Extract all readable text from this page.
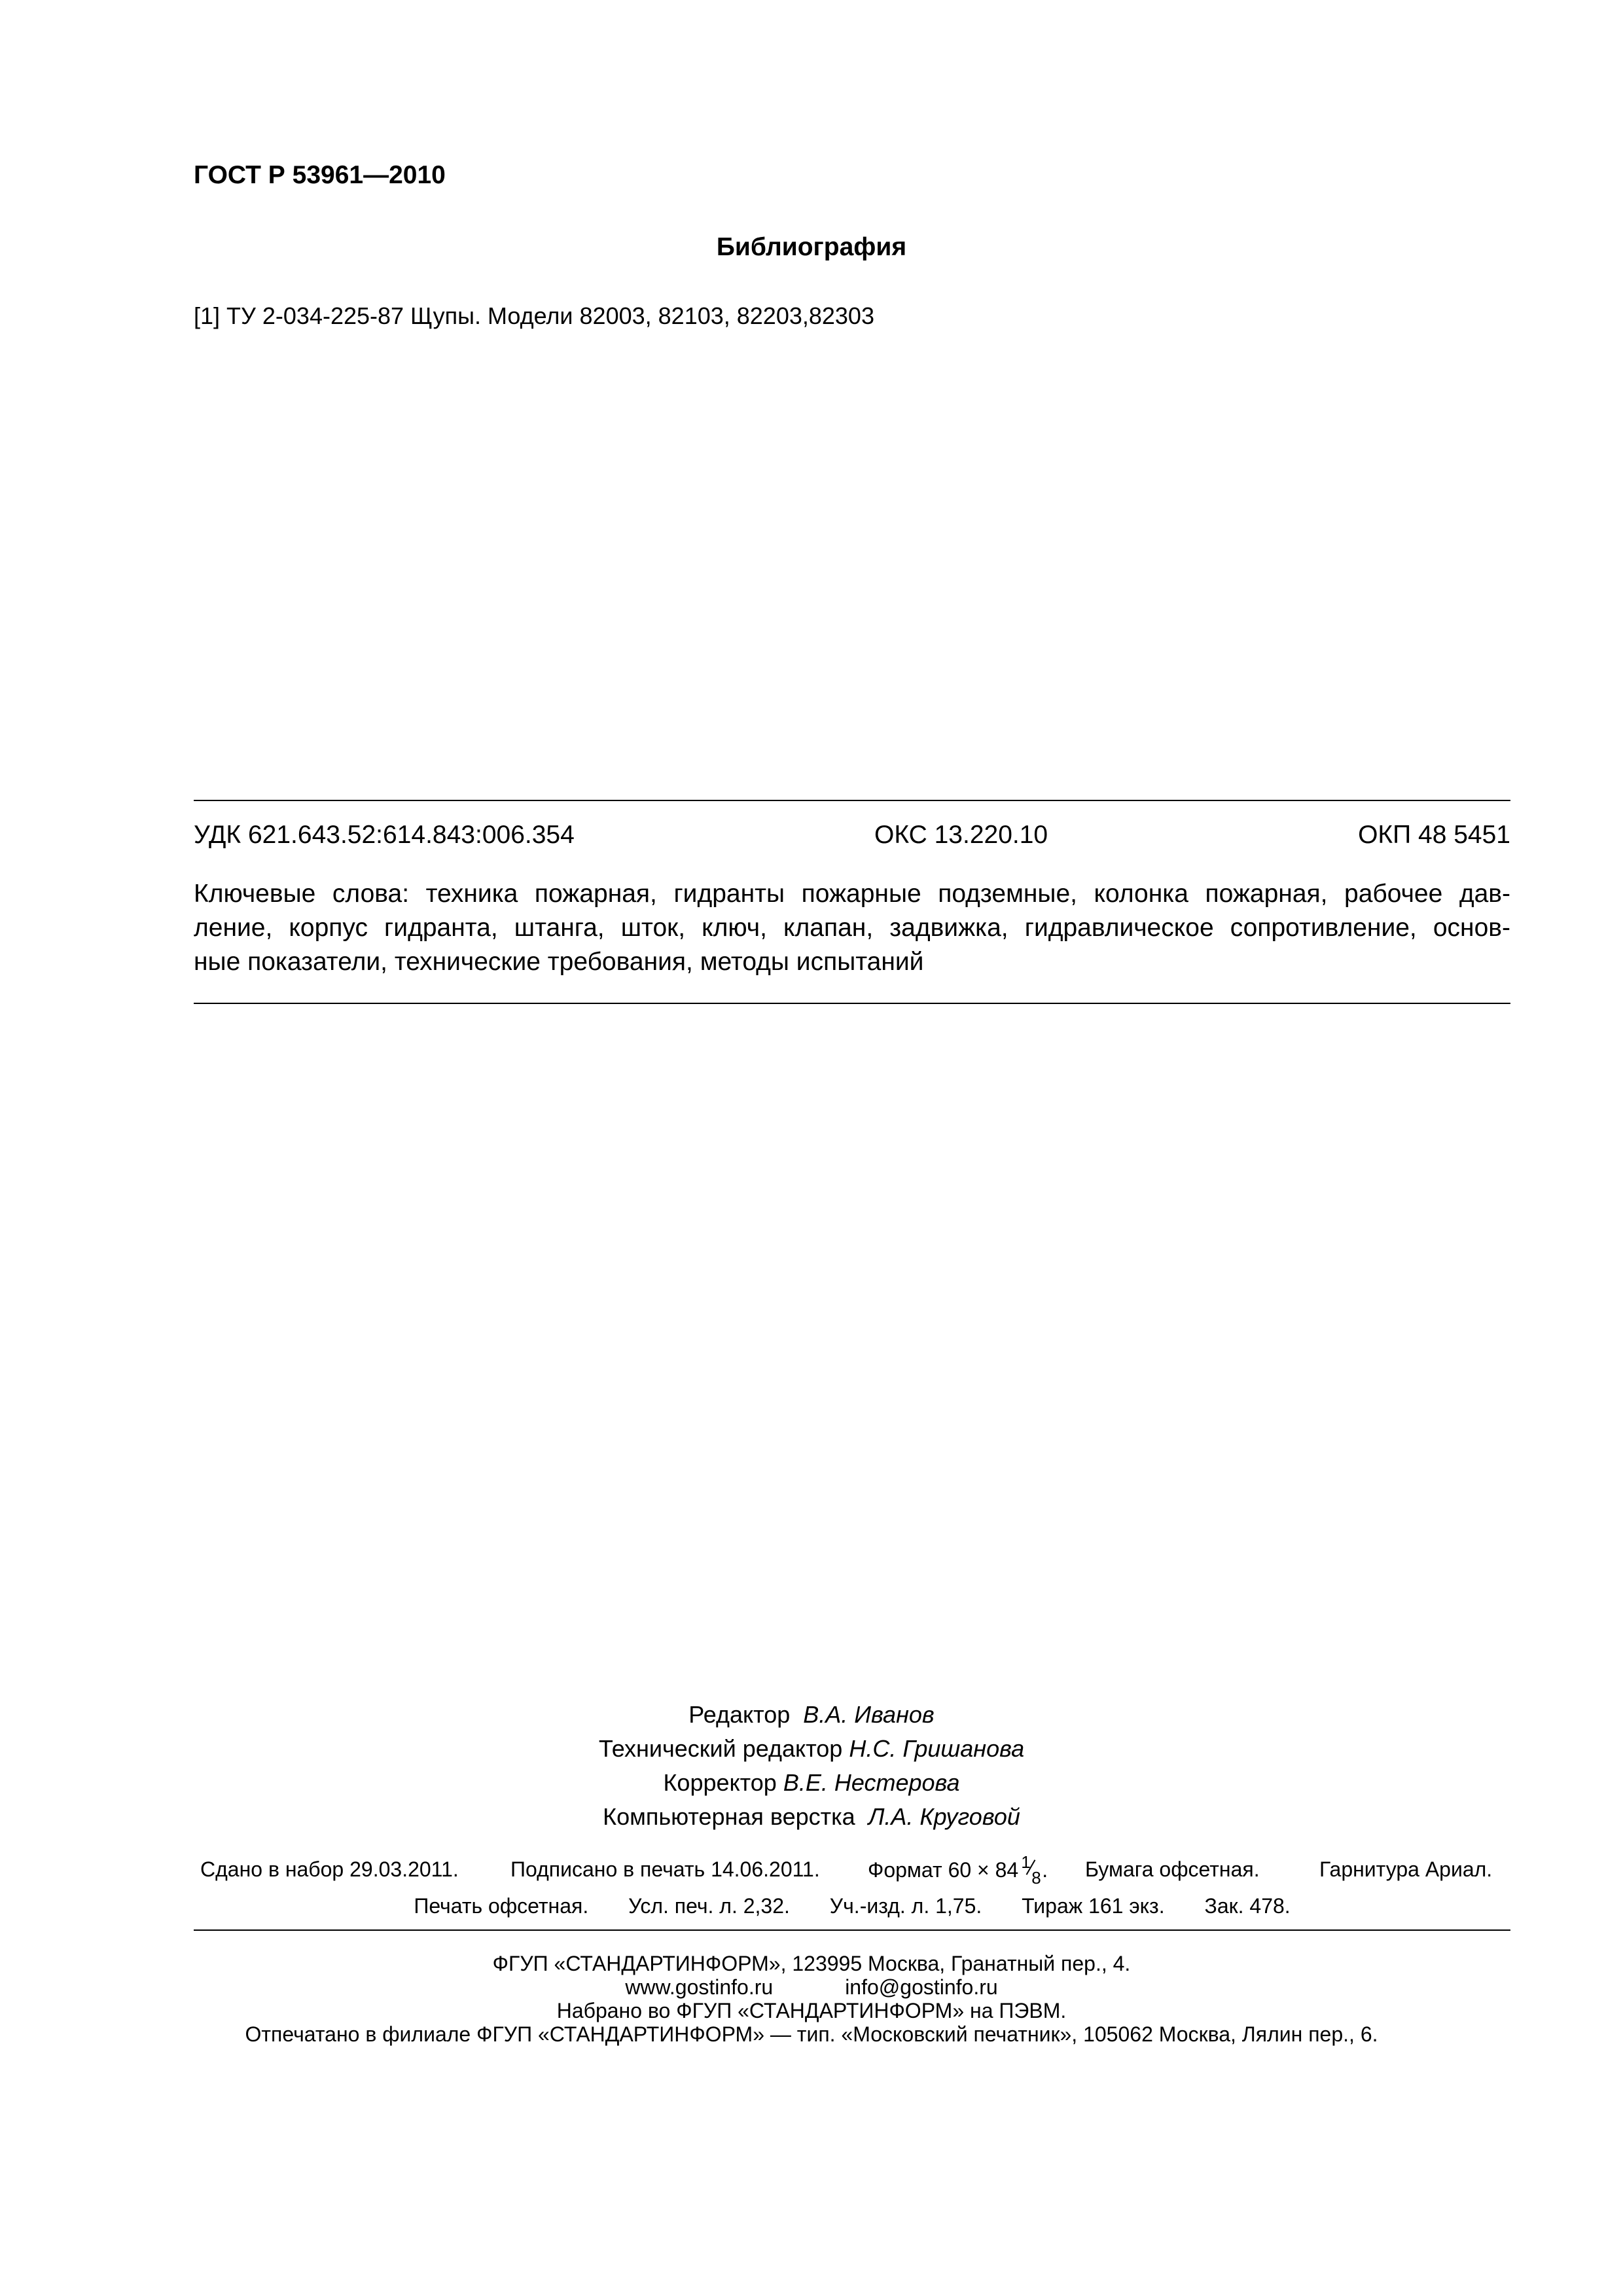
ГОСТ Р 53961—2010
Библиография
[1] ТУ 2-034-225-87 Щупы. Модели 82003, 82103, 82203,82303
УДК 621.643.52:614.843:006.354	ОКС 13.220.10	ОКП 48 5451
Ключевые слова: техника пожарная, гидранты пожарные подземные, колонка пожарная, рабочее дав-
ление, корпус гидранта, штанга, шток, ключ, клапан, задвижка, гидравлическое сопротивление, основ-
ные показатели, технические требования, методы испытаний
Редактор В.А. Иванов
Технический редактор Н.С. Гришанова
Корректор В.Е. Нестерова
Компьютерная верстка Л.А. Круговой
Сдано в набор 29.03.2011. Подписано в печать 14.06.2011. Формат 60 × 84 1
8 . Бумага офсетная.	Гарнитура Ариал.
Печать офсетная. Усл. печ. л. 2,32. Уч.-изд. л. 1,75. Тираж 161 экз. Зак. 478.
ФГУП «СТАНДАРТИНФОРМ», 123995 Москва, Гранатный пер., 4.
www.gostinfo.ru	info@gostinfo.ru
Набрано во ФГУП «СТАНДАРТИНФОРМ» на ПЭВМ.
Отпечатано в филиале ФГУП «СТАНДАРТИНФОРМ» — тип. «Московский печатник», 105062 Москва, Лялин пер., 6.
